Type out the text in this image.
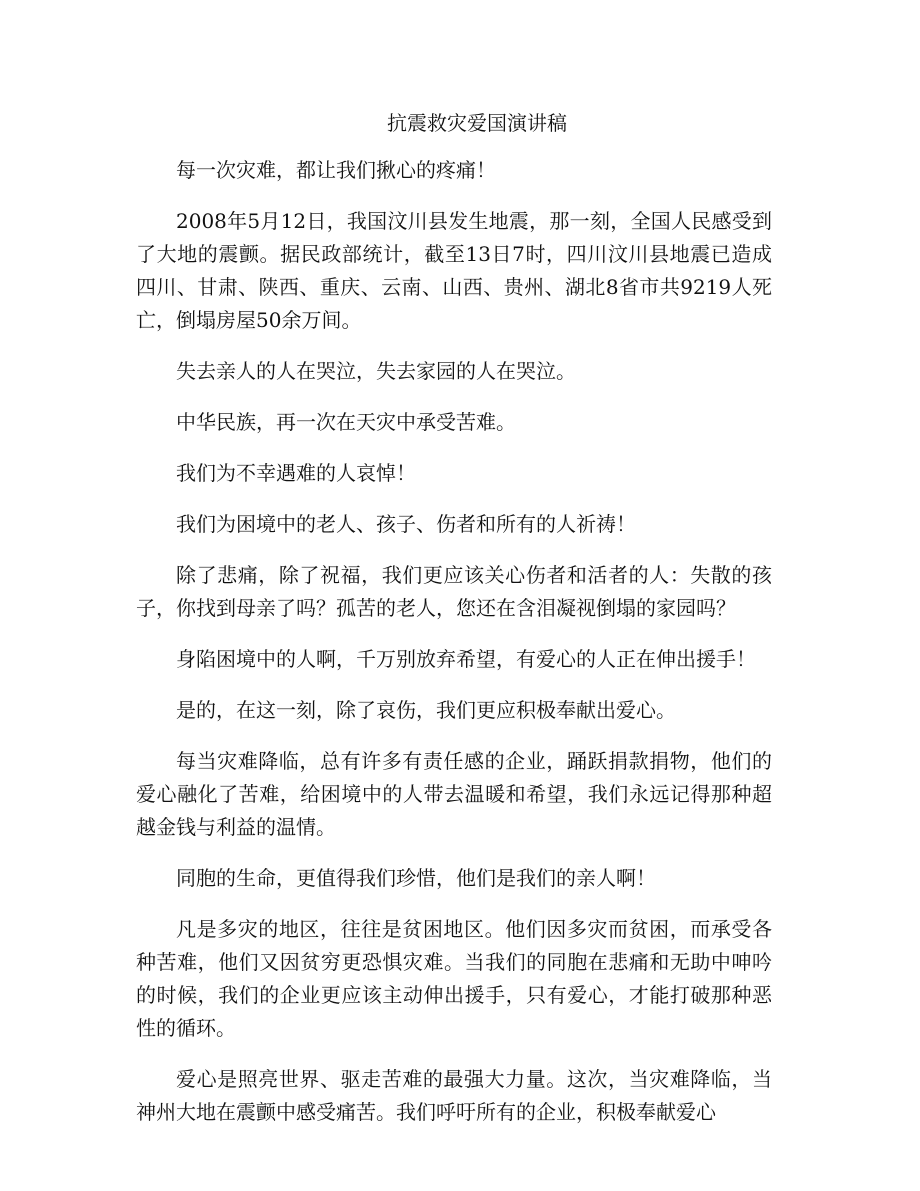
抗震救灾爱国演讲稿

每一次灾难，都让我们揪心的疼痛！

2008年5月12日，我国汶川县发生地震，那一刻，全国人民感受到了大地的震颤。据民政部统计，截至13日7时，四川汶川县地震已造成四川、甘肃、陕西、重庆、云南、山西、贵州、湖北8省市共9219人死亡，倒塌房屋50余万间。

失去亲人的人在哭泣，失去家园的人在哭泣。

中华民族，再一次在天灾中承受苦难。

我们为不幸遇难的人哀悼！

我们为困境中的老人、孩子、伤者和所有的人祈祷！

除了悲痛，除了祝福，我们更应该关心伤者和活者的人：失散的孩子，你找到母亲了吗？孤苦的老人，您还在含泪凝视倒塌的家园吗？

身陷困境中的人啊，千万别放弃希望，有爱心的人正在伸出援手！

是的，在这一刻，除了哀伤，我们更应积极奉献出爱心。

每当灾难降临，总有许多有责任感的企业，踊跃捐款捐物，他们的爱心融化了苦难，给困境中的人带去温暖和希望，我们永远记得那种超越金钱与利益的温情。

同胞的生命，更值得我们珍惜，他们是我们的亲人啊！

凡是多灾的地区，往往是贫困地区。他们因多灾而贫困，而承受各种苦难，他们又因贫穷更恐惧灾难。当我们的同胞在悲痛和无助中呻吟的时候，我们的企业更应该主动伸出援手，只有爱心，才能打破那种恶性的循环。

爱心是照亮世界、驱走苦难的最强大力量。这次，当灾难降临，当神州大地在震颤中感受痛苦。我们呼吁所有的企业，积极奉献爱心
